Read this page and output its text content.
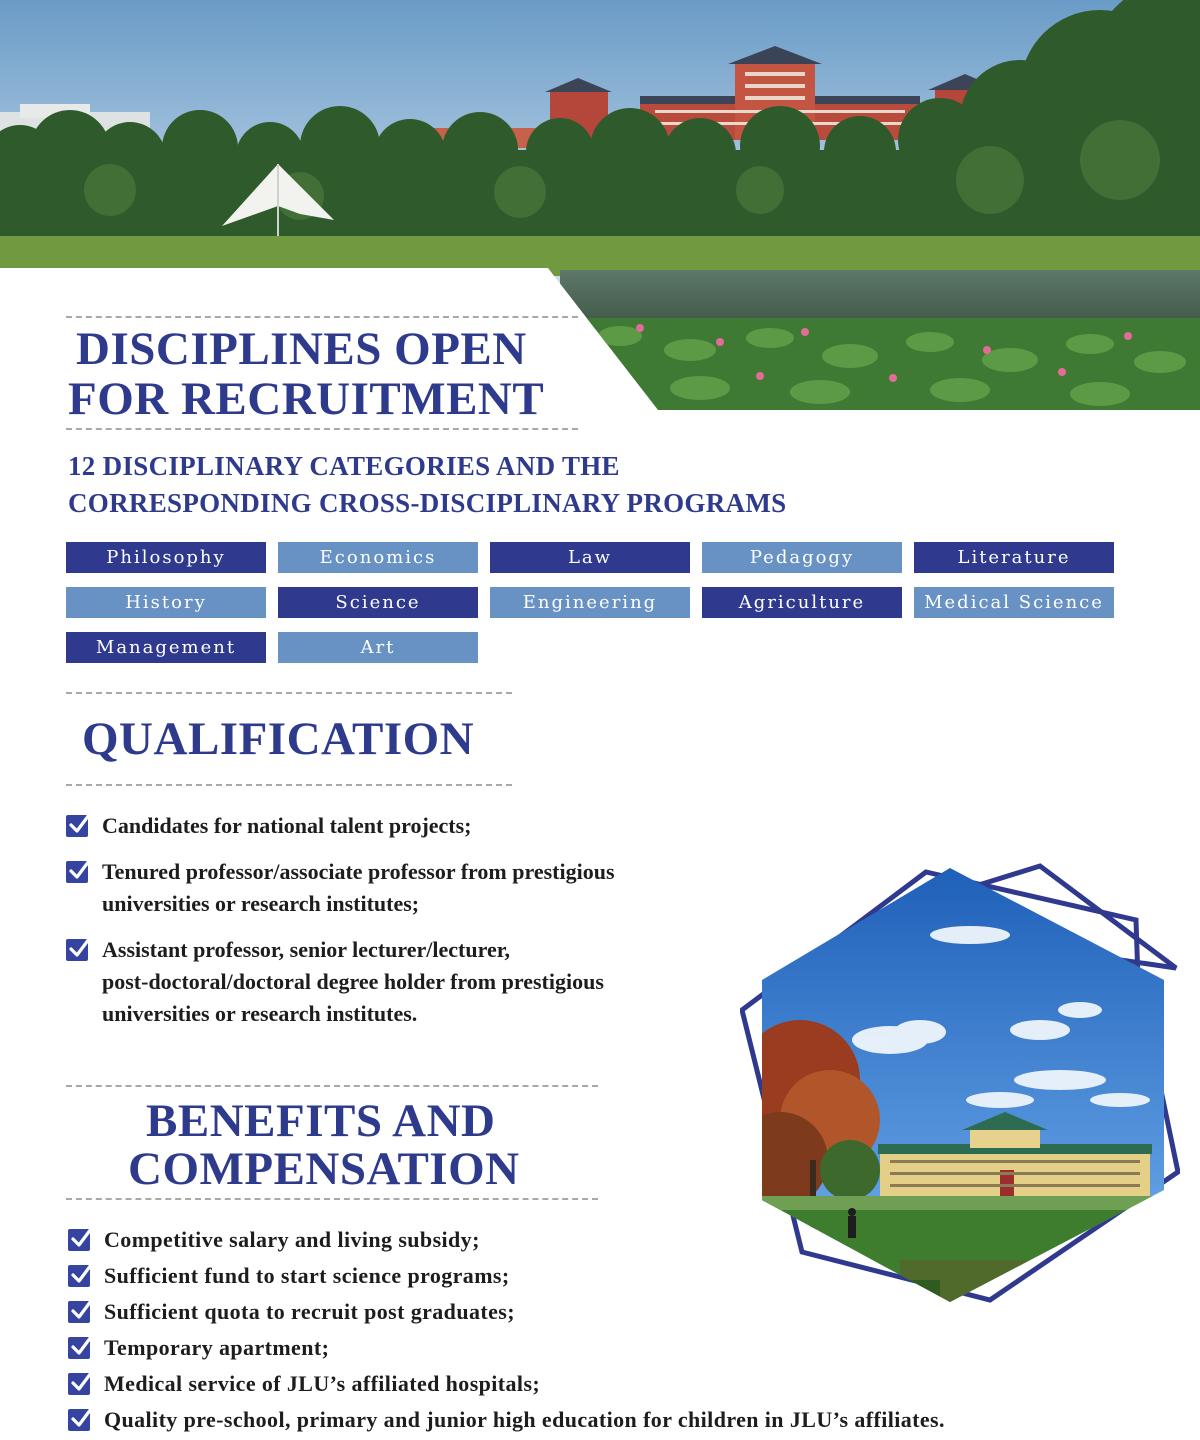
DISCIPLINES OPEN
FOR RECRUITMENT
12 DISCIPLINARY CATEGORIES AND THE
CORRESPONDING CROSS-DISCIPLINARY PROGRAMS
Philosophy	Economics	Law	Pedagogy	Literature
History	Science	Engineering	Agriculture	Medical Science
Management	Art
QUALIFICATION
Candidates for national talent projects;
Tenured professor/associate professor from prestigious
universities or research institutes;
Assistant professor, senior lecturer/lecturer,
post-doctoral/doctoral degree holder from prestigious
universities or research institutes.
BENEFITS AND
COMPENSATION
Competitive salary and living subsidy;
Sufficient fund to start science programs;
Sufficient quota to recruit post graduates;
Temporary apartment;
Medical service of JLU’s affiliated hospitals;
Quality pre-school, primary and junior high education for children in JLU’s affiliates.
